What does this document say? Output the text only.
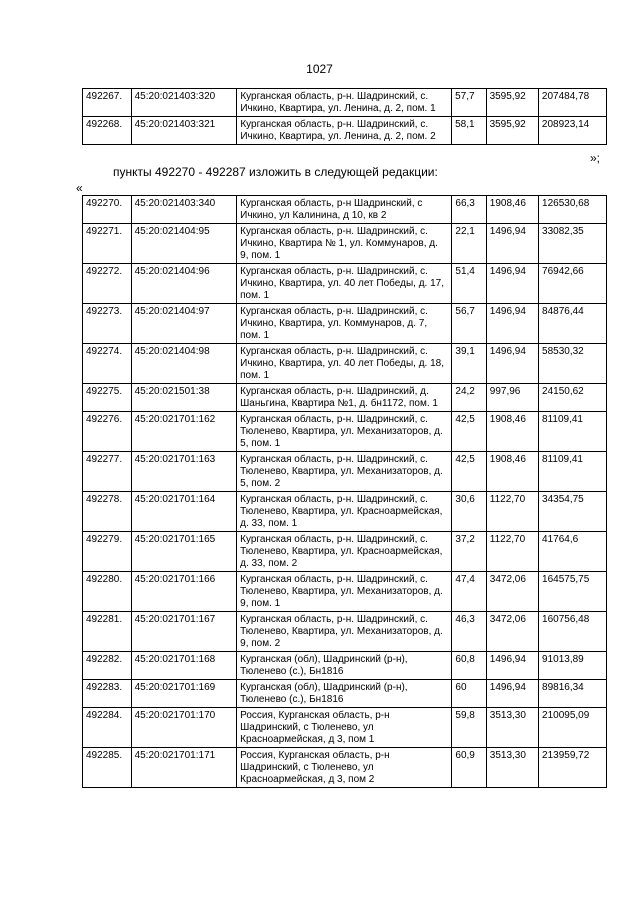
1027
492267.	45:20:021403:320	Курганская область, р-н. Шадринский, с. Ичкино, Квартира, ул. Ленина, д. 2, пом. 1	57,7	3595,92	207484,78
492268.	45:20:021403:321	Курганская область, р-н. Шадринский, с. Ичкино, Квартира, ул. Ленина, д. 2, пом. 2	58,1	3595,92	208923,14
»;
пункты 492270 - 492287 изложить в следующей редакции:
«
492270.	45:20:021403:340	Курганская область, р-н Шадринский, с Ичкино, ул Калинина, д 10, кв 2	66,3	1908,46	126530,68
492271.	45:20:021404:95	Курганская область, р-н. Шадринский, с. Ичкино, Квартира № 1, ул. Коммунаров, д. 9, пом. 1	22,1	1496,94	33082,35
492272.	45:20:021404:96	Курганская область, р-н. Шадринский, с. Ичкино, Квартира, ул. 40 лет Победы, д. 17, пом. 1	51,4	1496,94	76942,66
492273.	45:20:021404:97	Курганская область, р-н. Шадринский, с. Ичкино, Квартира, ул. Коммунаров, д. 7, пом. 1	56,7	1496,94	84876,44
492274.	45:20:021404:98	Курганская область, р-н. Шадринский, с. Ичкино, Квартира, ул. 40 лет Победы, д. 18, пом. 1	39,1	1496,94	58530,32
492275.	45:20:021501:38	Курганская область, р-н. Шадринский, д. Шаньгина, Квартира №1, д. бн1172, пом. 1	24,2	997,96	24150,62
492276.	45:20:021701:162	Курганская область, р-н. Шадринский, с. Тюленево, Квартира, ул. Механизаторов, д. 5, пом. 1	42,5	1908,46	81109,41
492277.	45:20:021701:163	Курганская область, р-н. Шадринский, с. Тюленево, Квартира, ул. Механизаторов, д. 5, пом. 2	42,5	1908,46	81109,41
492278.	45:20:021701:164	Курганская область, р-н. Шадринский, с. Тюленево, Квартира, ул. Красноармейская, д. 33, пом. 1	30,6	1122,70	34354,75
492279.	45:20:021701:165	Курганская область, р-н. Шадринский, с. Тюленево, Квартира, ул. Красноармейская, д. 33, пом. 2	37,2	1122,70	41764,6
492280.	45:20:021701:166	Курганская область, р-н. Шадринский, с. Тюленево, Квартира, ул. Механизаторов, д. 9, пом. 1	47,4	3472,06	164575,75
492281.	45:20:021701:167	Курганская область, р-н. Шадринский, с. Тюленево, Квартира, ул. Механизаторов, д. 9, пом. 2	46,3	3472,06	160756,48
492282.	45:20:021701:168	Курганская (обл), Шадринский (р-н), Тюленево (с.), Бн1816	60,8	1496,94	91013,89
492283.	45:20:021701:169	Курганская (обл), Шадринский (р-н), Тюленево (с.), Бн1816	60	1496,94	89816,34
492284.	45:20:021701:170	Россия, Курганская область, р-н Шадринский, с Тюленево, ул Красноармейская, д 3, пом 1	59,8	3513,30	210095,09
492285.	45:20:021701:171	Россия, Курганская область, р-н Шадринский, с Тюленево, ул Красноармейская, д 3, пом 2	60,9	3513,30	213959,72
